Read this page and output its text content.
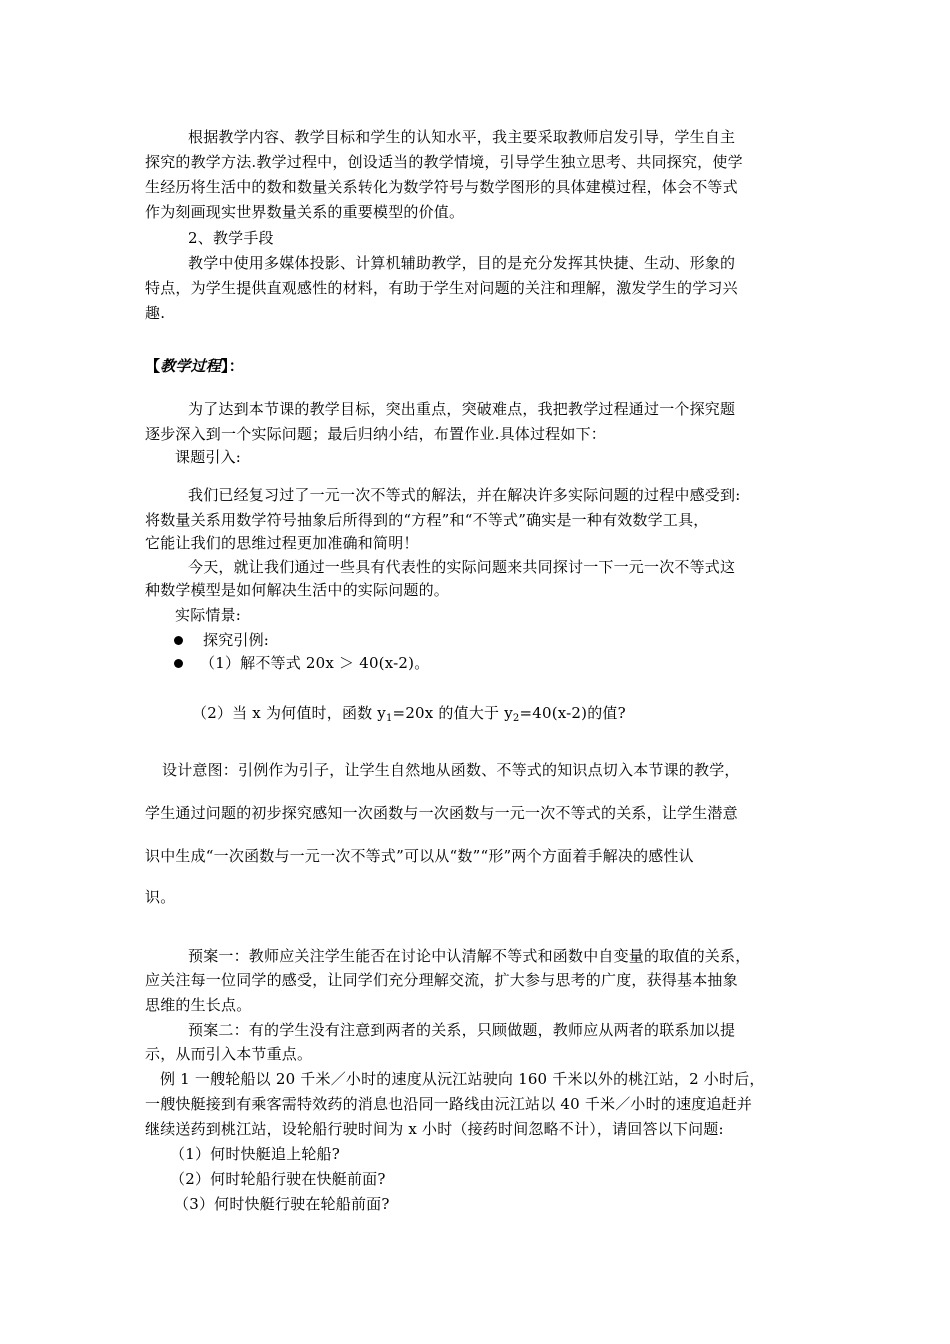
根据教学内容、教学目标和学生的认知水平，我主要采取教师启发引导，学生自主
探究的教学方法.教学过程中，创设适当的教学情境，引导学生独立思考、共同探究，使学
生经历将生活中的数和数量关系转化为数学符号与数学图形的具体建模过程，体会不等式
作为刻画现实世界数量关系的重要模型的价值。
2、教学手段
教学中使用多媒体投影、计算机辅助教学，目的是充分发挥其快捷、生动、形象的
特点，为学生提供直观感性的材料，有助于学生对问题的关注和理解，激发学生的学习兴
趣.
【教学过程】：
为了达到本节课的教学目标，突出重点，突破难点，我把教学过程通过一个探究题
逐步深入到一个实际问题；最后归纳小结，布置作业.具体过程如下：
课题引入:
我们已经复习过了一元一次不等式的解法，并在解决许多实际问题的过程中感受到:
将数量关系用数学符号抽象后所得到的“方程”和“不等式”确实是一种有效数学工具，
它能让我们的思维过程更加准确和简明！
今天，就让我们通过一些具有代表性的实际问题来共同探讨一下一元一次不等式这
种数学模型是如何解决生活中的实际问题的。
实际情景:
探究引例:
（1）解不等式 20x ＞ 40(x-2)。
（2）当 x 为何值时，函数 $y_1=20x$ 的值大于 $y_2=40(x-2)$的值?
设计意图：引例作为引子，让学生自然地从函数、不等式的知识点切入本节课的教学，
学生通过问题的初步探究感知一次函数与一次函数与一元一次不等式的关系，让学生潜意
识中生成“一次函数与一元一次不等式”可以从“数”“形”两个方面着手解决的感性认
识。
预案一：教师应关注学生能否在讨论中认清解不等式和函数中自变量的取值的关系，
应关注每一位同学的感受，让同学们充分理解交流，扩大参与思考的广度，获得基本抽象
思维的生长点。
预案二：有的学生没有注意到两者的关系，只顾做题，教师应从两者的联系加以提
示，从而引入本节重点。
例 1 一艘轮船以 20 千米／小时的速度从沅江站驶向 160 千米以外的桃江站，2 小时后，
一艘快艇接到有乘客需特效药的消息也沿同一路线由沅江站以 40 千米／小时的速度追赶并
继续送药到桃江站，设轮船行驶时间为 x 小时（接药时间忽略不计），请回答以下问题:
（1）何时快艇追上轮船?
（2）何时轮船行驶在快艇前面?
（3）何时快艇行驶在轮船前面?
